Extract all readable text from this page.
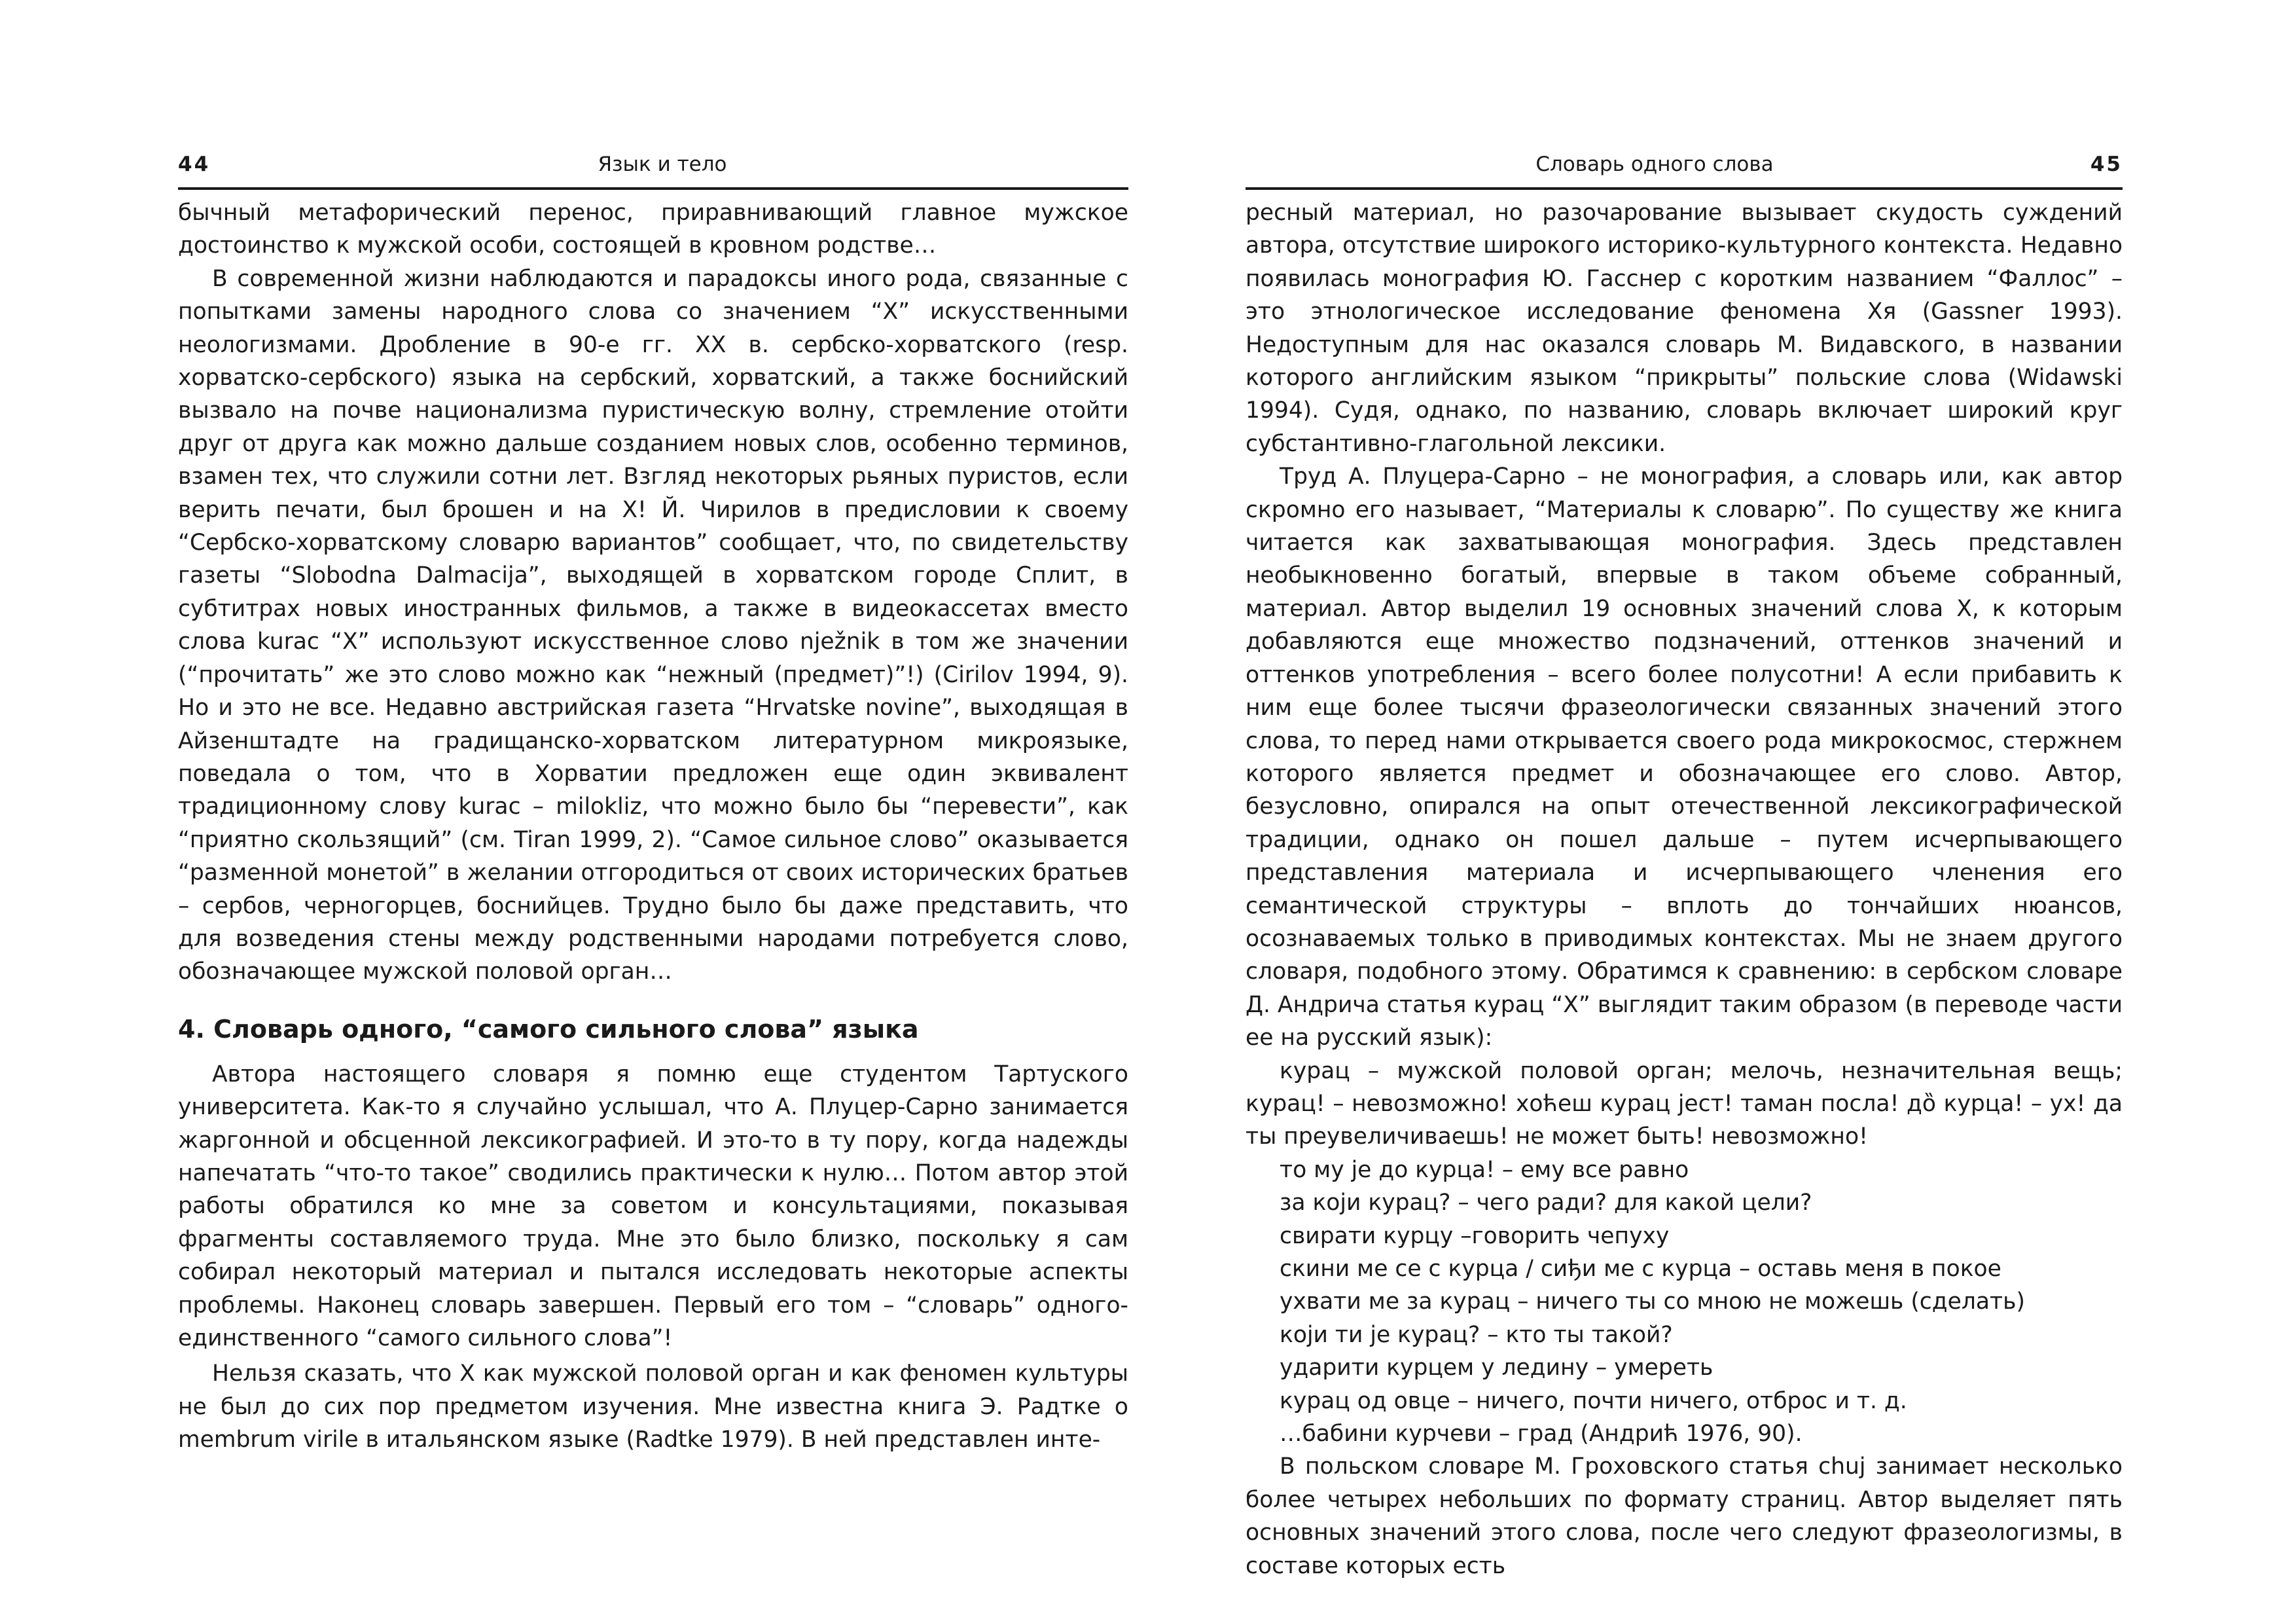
44	Язык и тело
бычный метафорический перенос, приравнивающий главное мужское достоинство к мужской особи, состоящей в кровном родстве…
В современной жизни наблюдаются и парадоксы иного рода, связанные с попытками замены народного слова со значением “Х” искусственными неологизмами. Дробление в 90-е гг. XX в. сербско-хорватского (resp. хорватско-сербского) языка на сербский, хорватский, а также боснийский вызвало на почве национализма пуристическую волну, стремление отойти друг от друга как можно дальше созданием новых слов, особенно терминов, взамен тех, что служили сотни лет. Взгляд некоторых рьяных пуристов, если верить печати, был брошен и на Х! Й. Чирилов в предисловии к своему “Сербско-хорватскому словарю вариантов” сообщает, что, по свидетельству газеты “Slobodna Dalmacija”, выходящей в хорватском городе Сплит, в субтитрах новых иностранных фильмов, а также в видеокассетах вместо слова kurac “Х” используют искусственное слово nježnik в том же значении (“прочитать” же это слово можно как “нежный (предмет)”!) (Cirilov 1994, 9). Но и это не все. Недавно австрийская газета “Hrvatske novine”, выходящая в Айзенштадте на градищанско-хорватском литературном микроязыке, поведала о том, что в Хорватии предложен еще один эквивалент традиционному слову kurac – milokliz, что можно было бы “перевести”, как “приятно скользящий” (см. Tiran 1999, 2). “Самое сильное слово” оказывается “разменной монетой” в желании отгородиться от своих исторических братьев – сербов, черногорцев, боснийцев. Трудно было бы даже представить, что для возведения стены между родственными народами потребуется слово, обозначающее мужской половой орган…
4. Словарь одного, “самого сильного слова” языка
Автора настоящего словаря я помню еще студентом Тартуского университета. Как-то я случайно услышал, что А. Плуцер-Сарно занимается жаргонной и обсценной лексикографией. И это-то в ту пору, когда надежды напечатать “что-то такое” сводились практически к нулю… Потом автор этой работы обратился ко мне за советом и консультациями, показывая фрагменты составляемого труда. Мне это было близко, поскольку я сам собирал некоторый материал и пытался исследовать некоторые аспекты проблемы. Наконец словарь завершен. Первый его том – “словарь” одного-единственного “самого сильного слова”!
Нельзя сказать, что Х как мужской половой орган и как феномен культуры не был до сих пор предметом изучения. Мне известна книга Э. Радтке о membrum virile в итальянском языке (Radtke 1979). В ней представлен инте-
Словарь одного слова	45
ресный материал, но разочарование вызывает скудость суждений автора, отсутствие широкого историко-культурного контекста. Недавно появилась монография Ю. Гасснер с коротким названием “Фаллос” – это этнологическое исследование феномена Хя (Gassner 1993). Недоступным для нас оказался словарь М. Видавского, в названии которого английским языком “прикрыты” польские слова (Widawski 1994). Судя, однако, по названию, словарь включает широкий круг субстантивно-глагольной лексики.
Труд А. Плуцера-Сарно – не монография, а словарь или, как автор скромно его называет, “Материалы к словарю”. По существу же книга читается как захватывающая монография. Здесь представлен необыкновенно богатый, впервые в таком объеме собранный, материал. Автор выделил 19 основных значений слова Х, к которым добавляются еще множество подзначений, оттенков значений и оттенков употребления – всего более полусотни! А если прибавить к ним еще более тысячи фразеологически связанных значений этого слова, то перед нами открывается своего рода микрокосмос, стержнем которого является предмет и обозначающее его слово. Автор, безусловно, опирался на опыт отечественной лексикографической традиции, однако он пошел дальше – путем исчерпывающего представления материала и исчерпывающего членения его семантической структуры – вплоть до тончайших нюансов, осознаваемых только в приводимых контекстах. Мы не знаем другого словаря, подобного этому. Обратимся к сравнению: в сербском словаре Д. Андрича статья курац “Х” выглядит таким образом (в переводе части ее на русский язык):
курац – мужской половой орган; мелочь, незначительная вещь; курац! – невозможно! хоћеш курац јест! таман посла! дȍ курца! – ух! да ты преувеличиваешь! не может быть! невозможно!
то му је до курца! – ему все равно
за који курац? – чего ради? для какой цели?
свирати курцу –говорить чепуху
скини ме се с курца / сиђи ме с курца – оставь меня в покое
ухвати ме за курац – ничего ты со мною не можешь (сделать)
који ти је курац? – кто ты такой?
ударити курцем у ледину – умереть
курац од овце – ничего, почти ничего, отброс и т. д.
…бабини курчеви – град (Андрић 1976, 90).
В польском словаре М. Гроховского статья chuj занимает несколько более четырех небольших по формату страниц. Автор выделяет пять основных значений этого слова, после чего следуют фразеологизмы, в составе которых есть
